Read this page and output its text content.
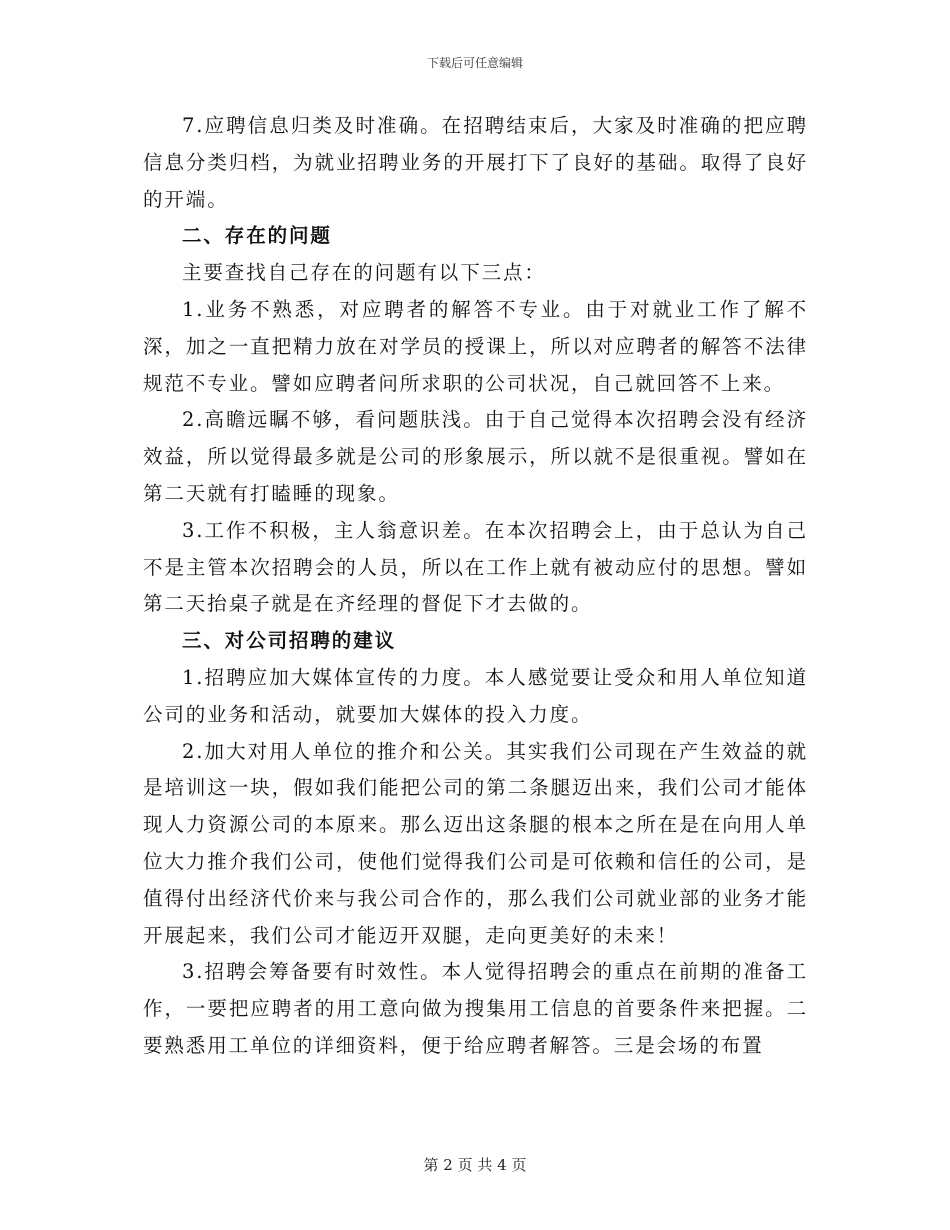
下载后可任意编辑

7.应聘信息归类及时准确。在招聘结束后，大家及时准确的把应聘信息分类归档，为就业招聘业务的开展打下了良好的基础。取得了良好的开端。

二、存在的问题

主要查找自己存在的问题有以下三点：

1.业务不熟悉，对应聘者的解答不专业。由于对就业工作了解不深，加之一直把精力放在对学员的授课上，所以对应聘者的解答不法律规范不专业。譬如应聘者问所求职的公司状况，自己就回答不上来。

2.高瞻远瞩不够，看问题肤浅。由于自己觉得本次招聘会没有经济效益，所以觉得最多就是公司的形象展示，所以就不是很重视。譬如在第二天就有打瞌睡的现象。

3.工作不积极，主人翁意识差。在本次招聘会上，由于总认为自己不是主管本次招聘会的人员，所以在工作上就有被动应付的思想。譬如第二天抬桌子就是在齐经理的督促下才去做的。

三、对公司招聘的建议

1.招聘应加大媒体宣传的力度。本人感觉要让受众和用人单位知道公司的业务和活动，就要加大媒体的投入力度。

2.加大对用人单位的推介和公关。其实我们公司现在产生效益的就是培训这一块，假如我们能把公司的第二条腿迈出来，我们公司才能体现人力资源公司的本原来。那么迈出这条腿的根本之所在是在向用人单位大力推介我们公司，使他们觉得我们公司是可依赖和信任的公司，是值得付出经济代价来与我公司合作的，那么我们公司就业部的业务才能开展起来，我们公司才能迈开双腿，走向更美好的未来！

3.招聘会筹备要有时效性。本人觉得招聘会的重点在前期的准备工作，一要把应聘者的用工意向做为搜集用工信息的首要条件来把握。二要熟悉用工单位的详细资料，便于给应聘者解答。三是会场的布置

第 2 页 共 4 页
